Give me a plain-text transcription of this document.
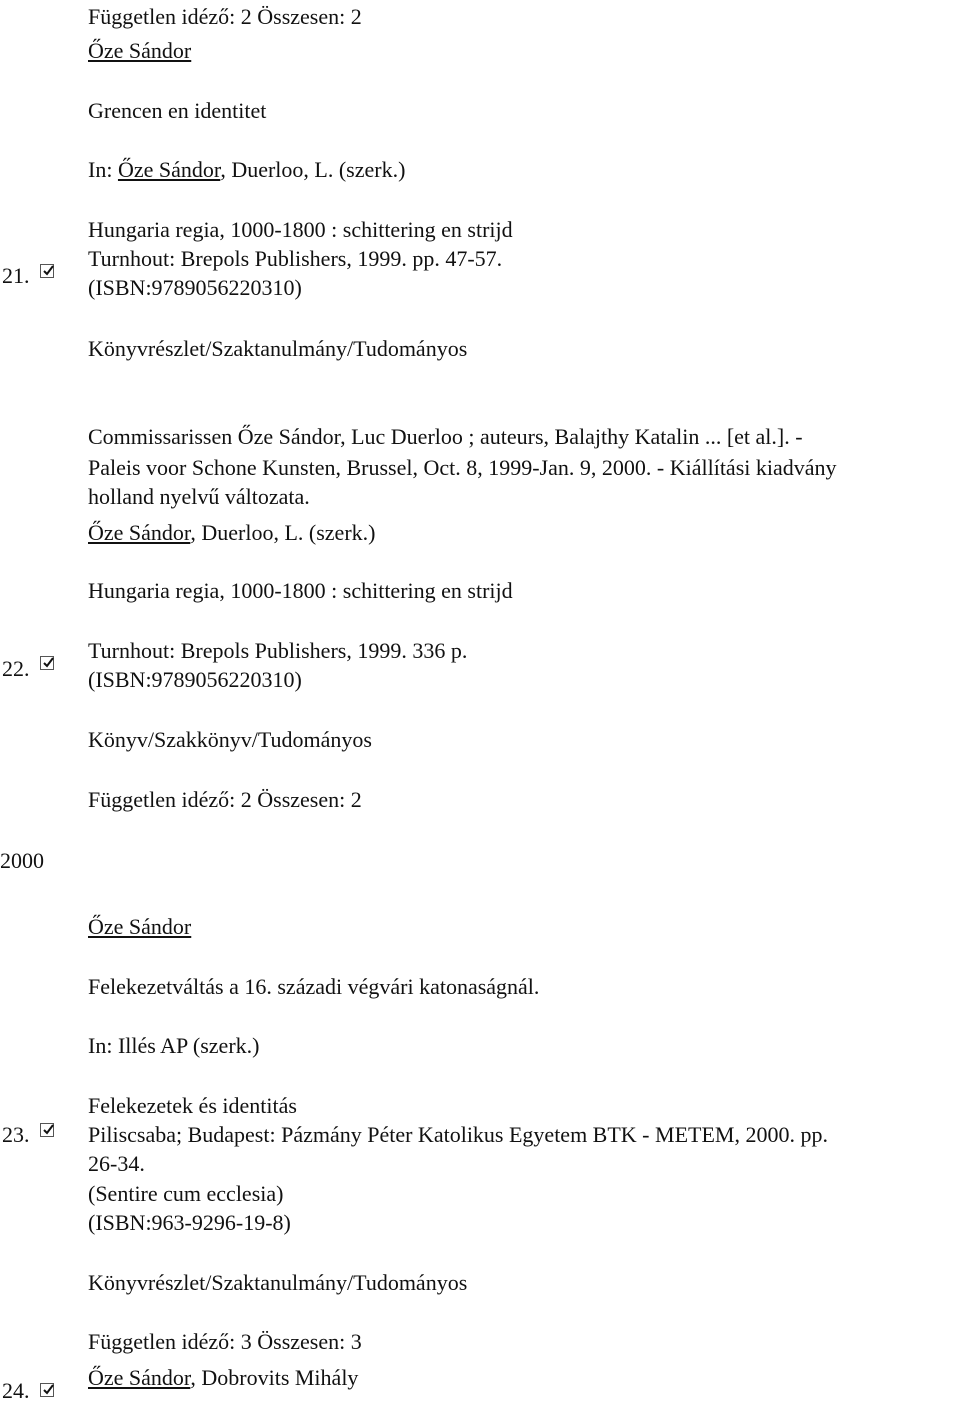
Független idéző: 2 Összesen: 2
Őze Sándor
Grencen en identitet
In: Őze Sándor, Duerloo, L. (szerk.)
Hungaria regia, 1000-1800 : schittering en strijd
Turnhout: Brepols Publishers, 1999. pp. 47-57.
(ISBN:9789056220310)
Könyvrészlet/Szaktanulmány/Tudományos
21.
Commissarissen Őze Sándor, Luc Duerloo ; auteurs, Balajthy Katalin ... [et al.]. -
Paleis voor Schone Kunsten, Brussel, Oct. 8, 1999-Jan. 9, 2000. - Kiállítási kiadvány
holland nyelvű változata.
Őze Sándor, Duerloo, L. (szerk.)
Hungaria regia, 1000-1800 : schittering en strijd
Turnhout: Brepols Publishers, 1999. 336 p.
(ISBN:9789056220310)
Könyv/Szakkönyv/Tudományos
Független idéző: 2 Összesen: 2
22.
2000
Őze Sándor
Felekezetváltás a 16. századi végvári katonaságnál.
In: Illés AP (szerk.)
Felekezetek és identitás
Piliscsaba; Budapest: Pázmány Péter Katolikus Egyetem BTK - METEM, 2000. pp.
26-34.
(Sentire cum ecclesia)
(ISBN:963-9296-19-8)
Könyvrészlet/Szaktanulmány/Tudományos
Független idéző: 3 Összesen: 3
23.
Őze Sándor, Dobrovits Mihály
24.
